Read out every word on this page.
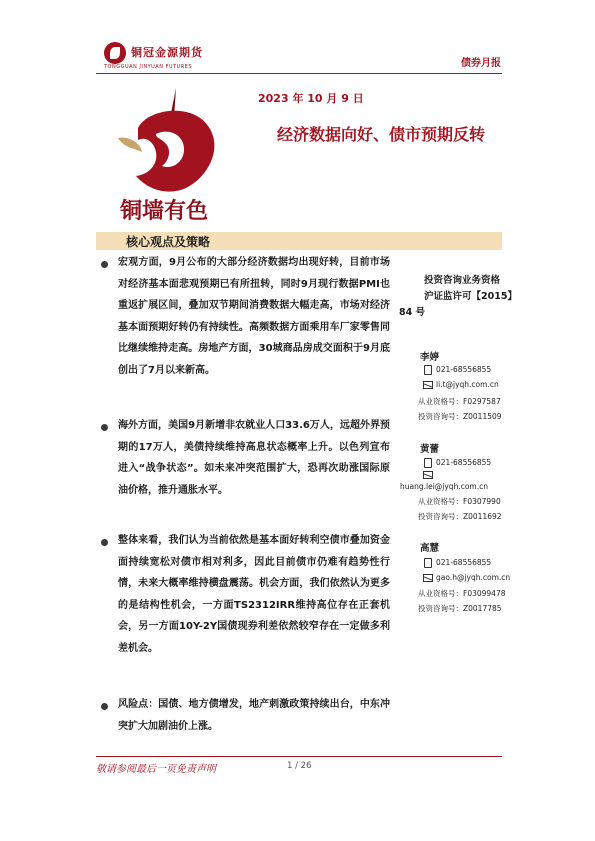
铜冠金源期货
TONGGUAN JINYUAN FUTURES	债券月报
铜墙有色
2023 年 10 月 9 日
经济数据向好、债市预期反转
核心观点及策略
宏观方面，9月公布的大部分经济数据均出现好转，目前市场对经济基本面悲观预期已有所扭转，同时9月现行数据PMI也重返扩展区间，叠加双节期间消费数据大幅走高，市场对经济基本面预期好转仍有持续性。高频数据方面乘用车厂家零售同比继续维持走高。房地产方面，30城商品房成交面积于9月底创出了7月以来新高。
海外方面，美国9月新增非农就业人口33.6万人，远超外界预期的17万人，美债持续维持高息状态概率上升。以色列宣布进入“战争状态”。如未来冲突范围扩大，恐再次助涨国际原油价格，推升通胀水平。
整体来看，我们认为当前依然是基本面好转利空债市叠加资金面持续宽松对债市相对利多，因此目前债市仍难有趋势性行情，未来大概率维持横盘震荡。机会方面，我们依然认为更多的是结构性机会，一方面TS2312IRR维持高位存在正套机会，另一方面10Y-2Y国债现券利差依然较窄存在一定做多利差机会。
风险点：国债、地方债增发，地产刺激政策持续出台，中东冲突扩大加剧油价上涨。
投资咨询业务资格
沪证监许可【2015】
84 号
李婷
021-68556855
li.t@jyqh.com.cn
从业资格号：F0297587
投资咨询号：Z0011509
黄蕾
021-68556855
huang.lei@jyqh.com.cn
从业资格号：F0307990
投资咨询号：Z0011692
高慧
021-68556855
gao.h@jyqh.com.cn
从业资格号：F03099478
投资咨询号：Z0017785
敬请参阅最后一页免责声明	1 / 26
